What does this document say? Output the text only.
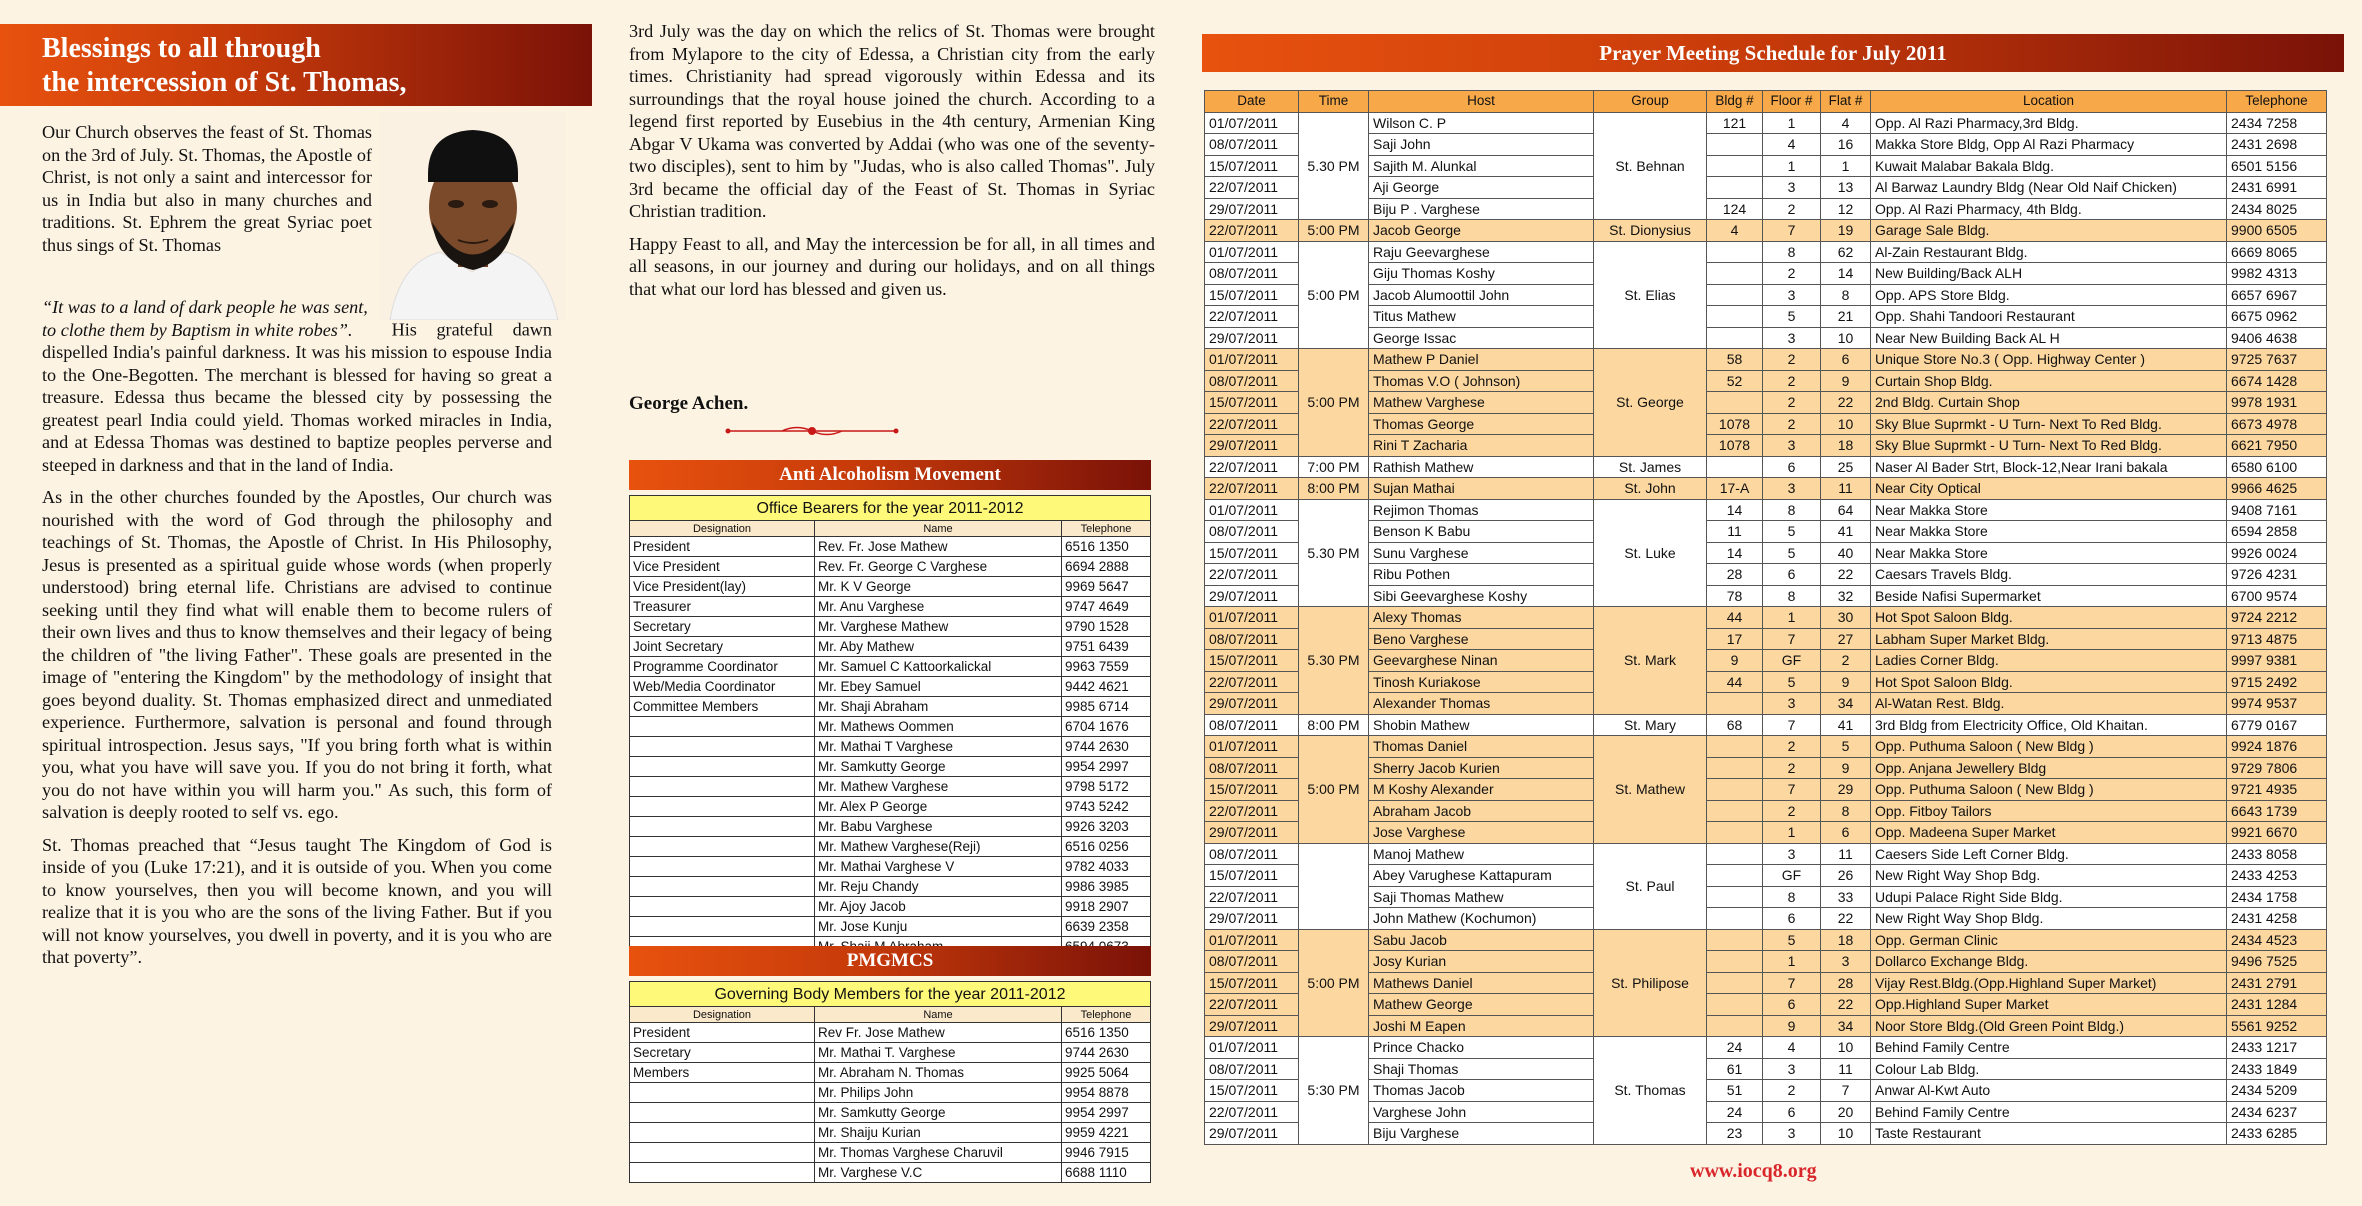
Blessings to all through
the intercession of St. Thomas,

Our Church observes the feast of St. Thomas on the 3rd of July. St. Thomas, the Apostle of Christ, is not only a saint and intercessor for us in India but also in many churches and traditions. St. Ephrem the great Syriac poet thus sings of St. Thomas

“It was to a land of dark people he was sent, to clothe them by Baptism in white robes”. His grateful dawn dispelled India's painful darkness. It was his mission to espouse India to the One-Begotten. The merchant is blessed for having so great a treasure. Edessa thus became the blessed city by possessing the greatest pearl India could yield. Thomas worked miracles in India, and at Edessa Thomas was destined to baptize peoples perverse and steeped in darkness and that in the land of India.

As in the other churches founded by the Apostles, Our church was nourished with the word of God through the philosophy and teachings of St. Thomas, the Apostle of Christ. In His Philosophy, Jesus is presented as a spiritual guide whose words (when properly understood) bring eternal life. Christians are advised to continue seeking until they find what will enable them to become rulers of their own lives and thus to know themselves and their legacy of being the children of "the living Father". These goals are presented in the image of "entering the Kingdom" by the methodology of insight that goes beyond duality. St. Thomas emphasized direct and unmediated experience. Furthermore, salvation is personal and found through spiritual introspection. Jesus says, "If you bring forth what is within you, what you have will save you. If you do not bring it forth, what you do not have within you will harm you." As such, this form of salvation is deeply rooted to self vs. ego.

St. Thomas preached that “Jesus taught The Kingdom of God is inside of you (Luke 17:21), and it is outside of you. When you come to know yourselves, then you will become known, and you will realize that it is you who are the sons of the living Father. But if you will not know yourselves, you dwell in poverty, and it is you who are that poverty”.

3rd July was the day on which the relics of St. Thomas were brought from Mylapore to the city of Edessa, a Christian city from the early times. Christianity had spread vigorously within Edessa and its surroundings that the royal house joined the church. According to a legend first reported by Eusebius in the 4th century, Armenian King Abgar V Ukama was converted by Addai (who was one of the seventy-two disciples), sent to him by "Judas, who is also called Thomas". July 3rd became the official day of the Feast of St. Thomas in Syriac Christian tradition.

Happy Feast to all, and May the intercession be for all, in all times and all seasons, in our journey and during our holidays, and on all things that what our lord has blessed and given us.

George Achen.
Anti Alcoholism Movement
Office Bearers for the year 2011-2012		
Designation	Name	Telephone
President	Rev. Fr. Jose Mathew	6516 1350
Vice President	Rev. Fr. George C Varghese	6694 2888
Vice President(lay)	Mr. K V George	9969 5647
Treasurer	Mr. Anu Varghese	9747 4649
Secretary	Mr. Varghese Mathew	9790 1528
Joint Secretary	Mr. Aby Mathew	9751 6439
Programme Coordinator	Mr. Samuel C Kattoorkalickal	9963 7559
Web/Media Coordinator	Mr. Ebey Samuel	9442 4621
Committee Members	Mr. Shaji Abraham	9985 6714
	Mr. Mathews Oommen	6704 1676
	Mr. Mathai T Varghese	9744 2630
	Mr. Samkutty George	9954 2997
	Mr. Mathew Varghese	9798 5172
	Mr. Alex P George	9743 5242
	Mr. Babu Varghese	9926 3203
	Mr. Mathew Varghese(Reji)	6516 0256
	Mr. Mathai Varghese V	9782 4033
	Mr. Reju Chandy	9986 3985
	Mr. Ajoy Jacob	9918 2907
	Mr. Jose Kunju	6639 2358

PMGMCS
Governing Body Members for the year 2011-2012		
Designation	Name	Telephone
President	Rev Fr. Jose Mathew	6516 1350
Secretary	Mr. Mathai T. Varghese	9744 2630
Members	Mr. Abraham N. Thomas	9925 5064
	Mr. Philips John	9954 8878
	Mr. Samkutty George	9954 2997
	Mr. Shaiju Kurian	9959 4221
	Mr. Thomas Varghese Charuvil	9946 7915
	Mr. Varghese V.C	6688 1110
Prayer Meeting Schedule for July 2011
Date	Time	Host	Group	Bldg #	Floor #	Flat #	Location	Telephone
01/07/2011	5.30 PM	Wilson C. P	St. Behnan	121	1	4	Opp. Al Razi Pharmacy,3rd Bldg.	2434 7258
08/07/2011		Saji John			4	16	Makka Store Bldg, Opp Al Razi Pharmacy	2431 2698
15/07/2011		Sajith M. Alunkal			1	1	Kuwait Malabar Bakala Bldg.	6501 5156
22/07/2011		Aji George			3	13	Al Barwaz Laundry Bldg (Near Old Naif Chicken)	2431 6991
29/07/2011		Biju P . Varghese		124	2	12	Opp. Al Razi Pharmacy, 4th Bldg.	2434 8025
22/07/2011	5:00 PM	Jacob George	St. Dionysius	4	7	19	Garage Sale Bldg.	9900 6505
01/07/2011	5:00 PM	Raju Geevarghese	St. Elias		8	62	Al-Zain Restaurant Bldg.	6669 8065
08/07/2011		Giju Thomas Koshy			2	14	New Building/Back ALH	9982 4313
15/07/2011		Jacob Alumoottil John			3	8	Opp. APS Store Bldg.	6657 6967
22/07/2011		Titus Mathew			5	21	Opp. Shahi Tandoori Restaurant	6675 0962
29/07/2011		George Issac			3	10	Near New Building Back AL H	9406 4638
01/07/2011	5:00 PM	Mathew P Daniel	St. George	58	2	6	Unique Store No.3 ( Opp. Highway Center )	9725 7637
08/07/2011		Thomas V.O ( Johnson)		52	2	9	Curtain Shop Bldg.	6674 1428
15/07/2011		Mathew Varghese			2	22	2nd Bldg. Curtain Shop	9978 1931
22/07/2011		Thomas George		1078	2	10	Sky Blue Suprmkt - U Turn- Next To Red Bldg.	6673 4978
29/07/2011		Rini T Zacharia		1078	3	18	Sky Blue Suprmkt - U Turn- Next To Red Bldg.	6621 7950
22/07/2011	7:00 PM	Rathish Mathew	St. James		6	25	Naser Al Bader Strt, Block-12,Near Irani bakala	6580 6100
22/07/2011	8:00 PM	Sujan Mathai	St. John	17-A	3	11	Near City Optical	9966 4625
01/07/2011	5.30 PM	Rejimon Thomas	St. Luke	14	8	64	Near Makka Store	9408 7161
08/07/2011		Benson K Babu		11	5	41	Near Makka Store	6594 2858
15/07/2011		Sunu Varghese		14	5	40	Near Makka Store	9926 0024
22/07/2011		Ribu Pothen		28	6	22	Caesars Travels Bldg.	9726 4231
29/07/2011		Sibi Geevarghese Koshy		78	8	32	Beside Nafisi Supermarket	6700 9574
01/07/2011	5.30 PM	Alexy Thomas	St. Mark	44	1	30	Hot Spot Saloon Bldg.	9724 2212
08/07/2011		Beno Varghese		17	7	27	Labham Super Market Bldg.	9713 4875
15/07/2011		Geevarghese Ninan		9	GF	2	Ladies Corner Bldg.	9997 9381
22/07/2011		Tinosh Kuriakose		44	5	9	Hot Spot Saloon Bldg.	9715 2492
29/07/2011		Alexander Thomas			3	34	Al-Watan Rest. Bldg.	9974 9537
08/07/2011	8:00 PM	Shobin Mathew	St. Mary	68	7	41	3rd Bldg from Electricity Office, Old Khaitan.	6779 0167
01/07/2011	5:00 PM	Thomas Daniel	St. Mathew		2	5	Opp. Puthuma Saloon ( New Bldg )	9924 1876
08/07/2011		Sherry Jacob Kurien			2	9	Opp. Anjana Jewellery Bldg	9729 7806
15/07/2011		M Koshy Alexander			7	29	Opp. Puthuma Saloon ( New Bldg )	9721 4935
22/07/2011		Abraham Jacob			2	8	Opp. Fitboy Tailors	6643 1739
29/07/2011		Jose Varghese			1	6	Opp. Madeena Super Market	9921 6670
08/07/2011		Manoj Mathew	St. Paul		3	11	Caesers Side Left Corner Bldg.	2433 8058
15/07/2011		Abey Varughese Kattapuram			GF	26	New Right Way Shop Bdg.	2433 4253
22/07/2011		Saji Thomas Mathew			8	33	Udupi Palace Right Side Bldg.	2434 1758
29/07/2011		John Mathew (Kochumon)			6	22	New Right Way Shop Bldg.	2431 4258
01/07/2011	5:00 PM	Sabu Jacob	St. Philipose		5	18	Opp. German Clinic	2434 4523
08/07/2011		Josy Kurian			1	3	Dollarco Exchange Bldg.	9496 7525
15/07/2011		Mathews Daniel			7	28	Vijay Rest.Bldg.(Opp.Highland Super Market)	2431 2791
22/07/2011		Mathew George			6	22	Opp.Highland Super Market	2431 1284
29/07/2011		Joshi M Eapen			9	34	Noor Store Bldg.(Old Green Point Bldg.)	5561 9252
01/07/2011	5:30 PM	Prince Chacko	St. Thomas	24	4	10	Behind Family Centre	2433 1217
08/07/2011		Shaji Thomas		61	3	11	Colour Lab Bldg.	2433 1849
15/07/2011		Thomas Jacob		51	2	7	Anwar Al-Kwt Auto	2434 5209
22/07/2011		Varghese John		24	6	20	Behind Family Centre	2434 6237
29/07/2011		Biju Varghese		23	3	10	Taste Restaurant	2433 6285
www.iocq8.org
